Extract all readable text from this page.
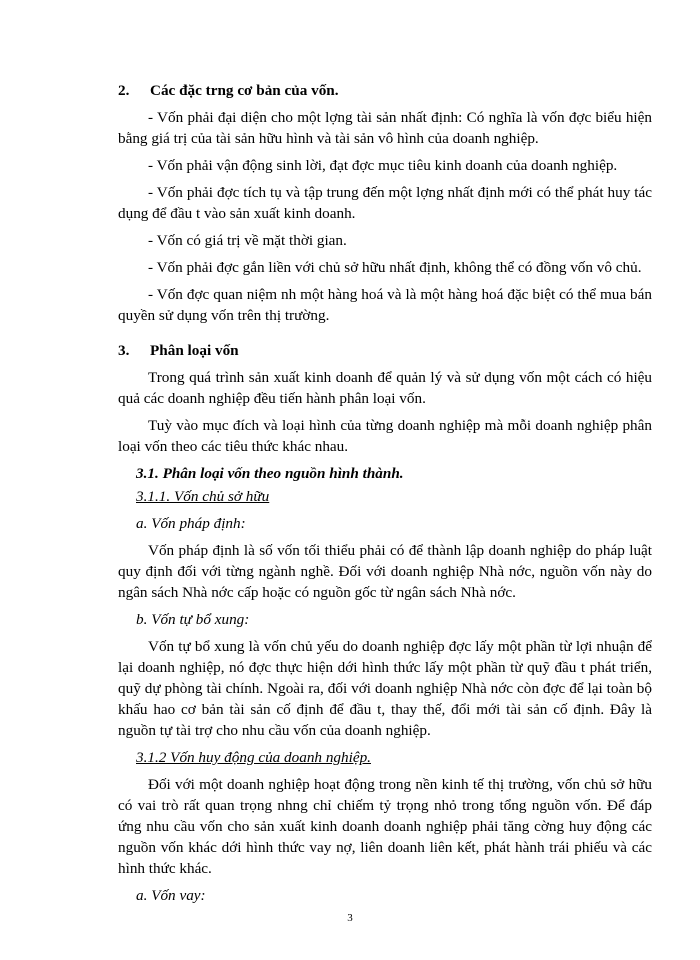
2. Các đặc trng cơ bản của vốn.

- Vốn phải đại diện cho một lợng tài sản nhất định: Có nghĩa là vốn đợc biểu hiện bằng giá trị của tài sản hữu hình và tài sản vô hình của doanh nghiệp.

- Vốn phải vận động sinh lời, đạt đợc mục tiêu kinh doanh của doanh nghiệp.

- Vốn phải đợc tích tụ và tập trung đến một lợng nhất định mới có thể phát huy tác dụng để đầu t vào sản xuất kinh doanh.

- Vốn có giá trị về mặt thời gian.

- Vốn phải đợc gắn liền với chủ sở hữu nhất định, không thể có đồng vốn vô chủ.

- Vốn đợc quan niệm nh một hàng hoá và là một hàng hoá đặc biệt có thể mua bán quyền sử dụng vốn trên thị trường.

3. Phân loại vốn

Trong quá trình sản xuất kinh doanh để quản lý và sử dụng vốn một cách có hiệu quả các doanh nghiệp đều tiến hành phân loại vốn.

Tuỳ vào mục đích và loại hình của từng doanh nghiệp mà mỗi doanh nghiệp phân loại vốn theo các tiêu thức khác nhau.

3.1. Phân loại vốn theo nguồn hình thành.
3.1.1. Vốn chủ sở hữu
a. Vốn pháp định:

Vốn pháp định là số vốn tối thiểu phải có để thành lập doanh nghiệp do pháp luật quy định đối với từng ngành nghề. Đối với doanh nghiệp Nhà nớc, nguồn vốn này do ngân sách Nhà nớc cấp hoặc có nguồn gốc từ ngân sách Nhà nớc.

b. Vốn tự bổ xung:

Vốn tự bổ xung là vốn chủ yếu do doanh nghiệp đợc lấy một phần từ lợi nhuận để lại doanh nghiệp, nó đợc thực hiện dới hình thức lấy một phần từ quỹ đầu t phát triển, quỹ dự phòng tài chính. Ngoài ra, đối với doanh nghiệp Nhà nớc còn đợc để lại toàn bộ khấu hao cơ bản tài sản cố định để đầu t, thay thế, đổi mới tài sản cố định. Đây là nguồn tự tài trợ cho nhu cầu vốn của doanh nghiệp.

3.1.2 Vốn huy động của doanh nghiệp.

Đối với một doanh nghiệp hoạt động trong nền kinh tế thị trường, vốn chủ sở hữu có vai trò rất quan trọng nhng chỉ chiếm tỷ trọng nhỏ trong tổng nguồn vốn. Để đáp ứng nhu cầu vốn cho sản xuất kinh doanh doanh nghiệp phải tăng cờng huy động các nguồn vốn khác dới hình thức vay nợ, liên doanh liên kết, phát hành trái phiếu và các hình thức khác.

a. Vốn vay:
3
